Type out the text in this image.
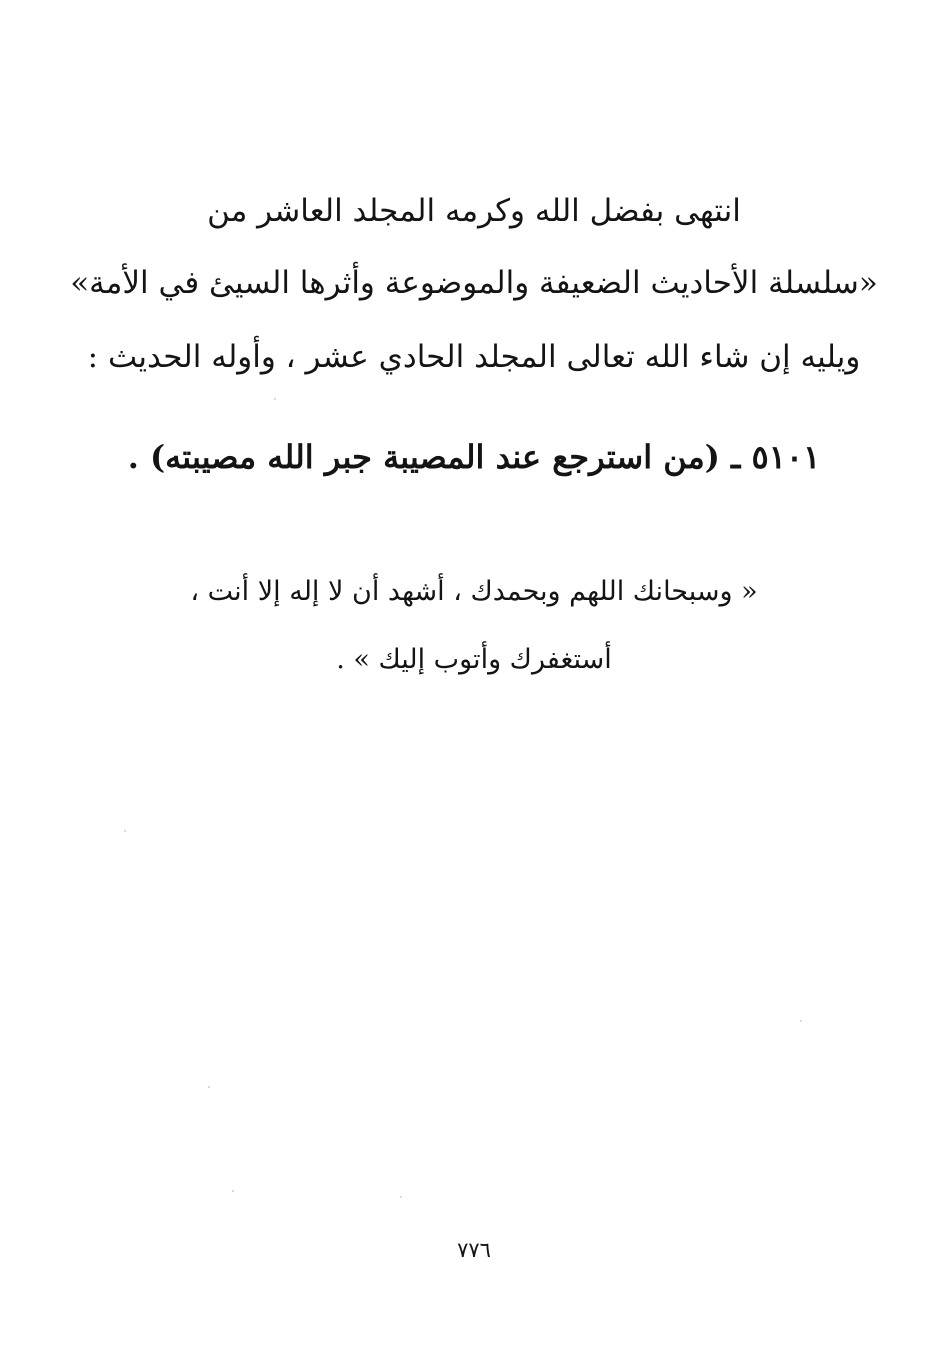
انتهى بفضل الله وكرمه المجلد العاشر من
«سلسلة الأحاديث الضعيفة والموضوعة وأثرها السيئ في الأمة»
ويليه إن شاء الله تعالى المجلد الحادي عشر ، وأوله الحديث :
٥١٠١ ـ (من استرجع عند المصيبة جبر الله مصيبته) .
« وسبحانك اللهم وبحمدك ، أشهد أن لا إله إلا أنت ،
أستغفرك وأتوب إليك » .
٧٧٦
